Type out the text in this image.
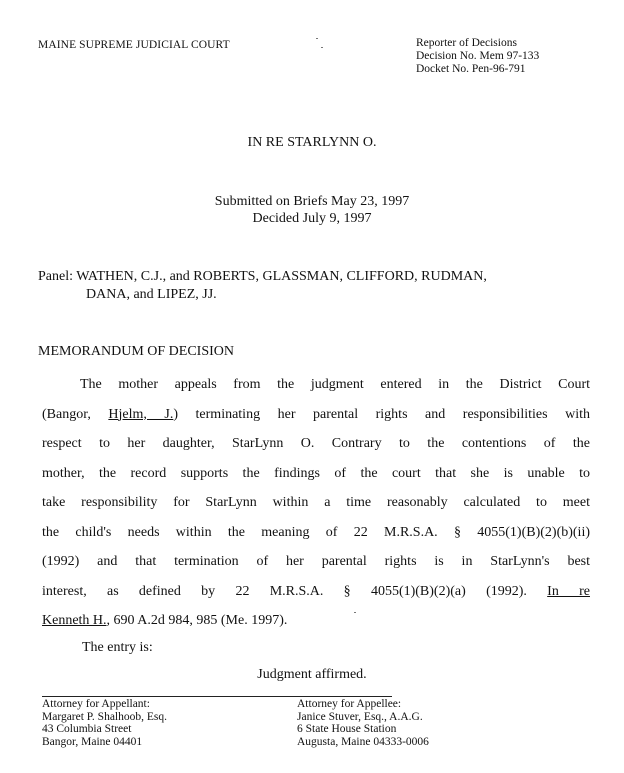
MAINE SUPREME JUDICIAL COURT	Reporter of Decisions
Decision No. Mem 97-133
Docket No. Pen-96-791
IN RE STARLYNN O.
Submitted on Briefs May 23, 1997
Decided July 9, 1997
Panel: WATHEN, C.J., and ROBERTS, GLASSMAN, CLIFFORD, RUDMAN,
DANA, and LIPEZ, JJ.
MEMORANDUM OF DECISION

The mother appeals from the judgment entered in the District Court
(Bangor, Hjelm, J.) terminating her parental rights and responsibilities with
respect to her daughter, StarLynn O. Contrary to the contentions of the
mother, the record supports the findings of the court that she is unable to
take responsibility for StarLynn within a time reasonably calculated to meet
the child's needs within the meaning of 22 M.R.S.A. § 4055(1)(B)(2)(b)(ii)
(1992) and that termination of her parental rights is in StarLynn's best
interest, as defined by 22 M.R.S.A. § 4055(1)(B)(2)(a) (1992). In re
Kenneth H., 690 A.2d 984, 985 (Me. 1997).

The entry is:
Judgment affirmed.
Attorney for Appellant:
Margaret P. Shalhoob, Esq.
43 Columbia Street
Bangor, Maine 04401
Attorney for Appellee:
Janice Stuver, Esq., A.A.G.
6 State House Station
Augusta, Maine 04333-0006
